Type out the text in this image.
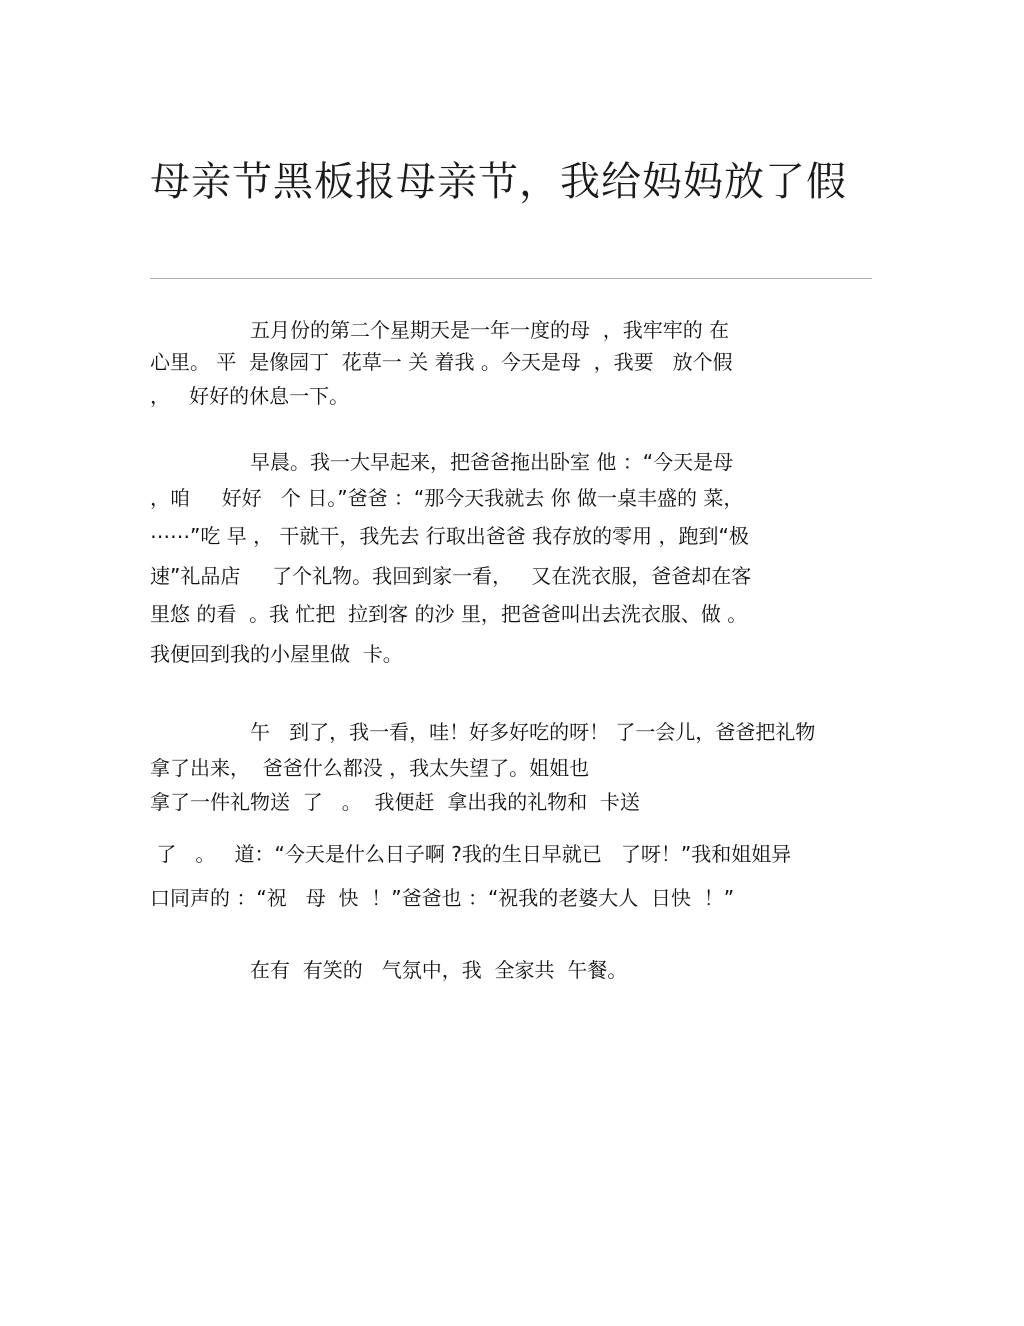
母亲节黑板报母亲节，我给妈妈放了假
五月份的第二个星期天是一年一度的母  ，我牢牢的 在
心里。 平  是像园丁  花草一 关 着我 。今天是母  ，我要   放个假
，   好好的休息一下。
早晨。我一大早起来，把爸爸拖出卧室 他 ：“今天是母
，咱     好好   个 日。”爸爸 ：“那今天我就去 你 做一桌丰盛的 菜，
⋯⋯”吃 早 ， 干就干，我先去 行取出爸爸 我存放的零用 ，跑到“极
速”礼品店     了个礼物。我回到家一看，   又在洗衣服，爸爸却在客
里悠 的看  。我 忙把  拉到客 的沙 里，把爸爸叫出去洗衣服、做 。
我便回到我的小屋里做  卡。
午   到了，我一看，哇！好多好吃的呀！ 了一会儿，爸爸把礼物
拿了出来，  爸爸什么都没 ，我太失望了。姐姐也
拿了一件礼物送  了   。  我便赶  拿出我的礼物和  卡送
了   。   道：“今天是什么日子啊 ?我的生日早就已   了呀！”我和姐姐异
口同声的 ：“祝   母  快  ！”爸爸也 ：“祝我的老婆大人  日快  ！”
在有  有笑的   气氛中，我  全家共  午餐。
